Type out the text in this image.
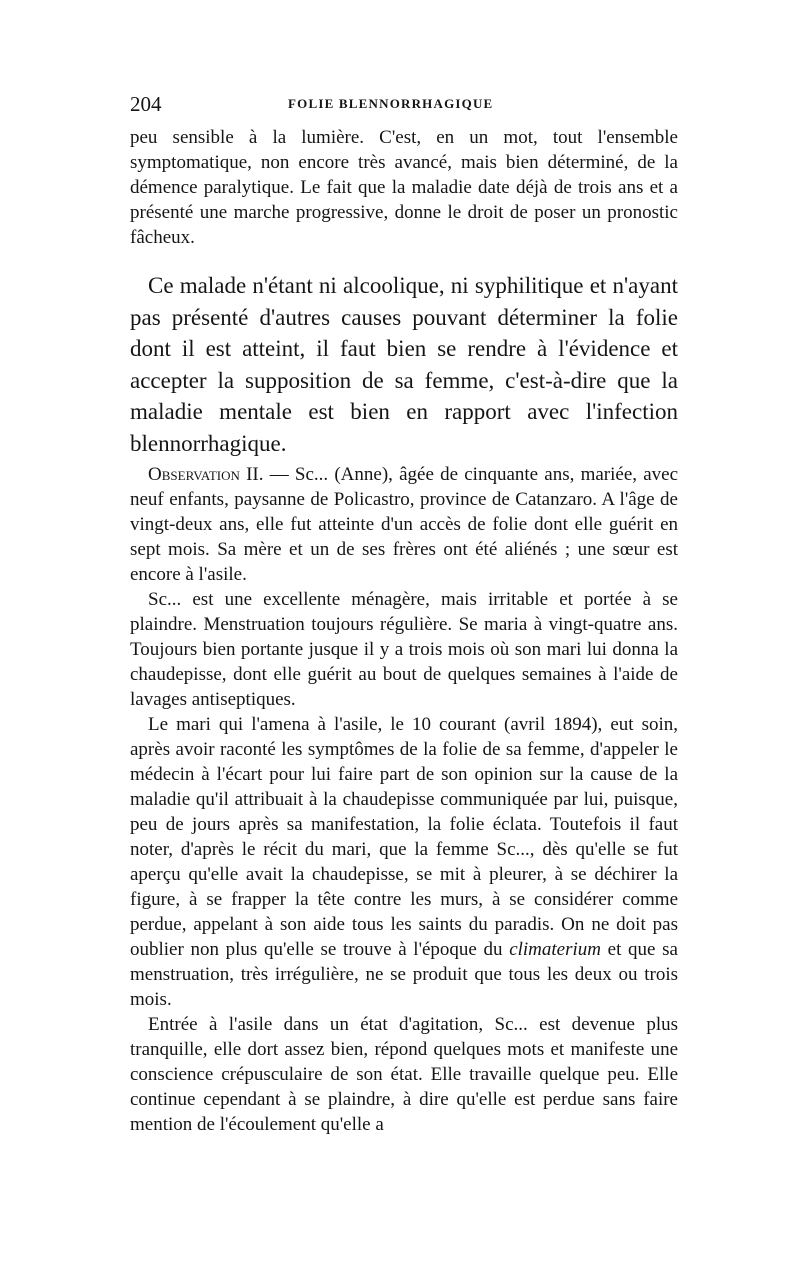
204	FOLIE BLENNORRHAGIQUE

peu sensible à la lumière. C'est, en un mot, tout l'ensemble symptomatique, non encore très avancé, mais bien déterminé, de la démence paralytique. Le fait que la maladie date déjà de trois ans et a présenté une marche progressive, donne le droit de poser un pronostic fâcheux.

Ce malade n'étant ni alcoolique, ni syphilitique et n'ayant pas présenté d'autres causes pouvant déterminer la folie dont il est atteint, il faut bien se rendre à l'évidence et accepter la supposition de sa femme, c'est-à-dire que la maladie mentale est bien en rapport avec l'infection blennorrhagique.

Observation II. — Sc... (Anne), âgée de cinquante ans, mariée, avec neuf enfants, paysanne de Policastro, province de Catanzaro. A l'âge de vingt-deux ans, elle fut atteinte d'un accès de folie dont elle guérit en sept mois. Sa mère et un de ses frères ont été aliénés ; une sœur est encore à l'asile.

Sc... est une excellente ménagère, mais irritable et portée à se plaindre. Menstruation toujours régulière. Se maria à vingt-quatre ans. Toujours bien portante jusque il y a trois mois où son mari lui donna la chaudepisse, dont elle guérit au bout de quelques semaines à l'aide de lavages antiseptiques.

Le mari qui l'amena à l'asile, le 10 courant (avril 1894), eut soin, après avoir raconté les symptômes de la folie de sa femme, d'appeler le médecin à l'écart pour lui faire part de son opinion sur la cause de la maladie qu'il attribuait à la chaudepisse communiquée par lui, puisque, peu de jours après sa manifestation, la folie éclata. Toutefois il faut noter, d'après le récit du mari, que la femme Sc..., dès qu'elle se fut aperçu qu'elle avait la chaudepisse, se mit à pleurer, à se déchirer la figure, à se frapper la tête contre les murs, à se considérer comme perdue, appelant à son aide tous les saints du paradis. On ne doit pas oublier non plus qu'elle se trouve à l'époque du climaterium et que sa menstruation, très irrégulière, ne se produit que tous les deux ou trois mois.

Entrée à l'asile dans un état d'agitation, Sc... est devenue plus tranquille, elle dort assez bien, répond quelques mots et manifeste une conscience crépusculaire de son état. Elle travaille quelque peu. Elle continue cependant à se plaindre, à dire qu'elle est perdue sans faire mention de l'écoulement qu'elle a
